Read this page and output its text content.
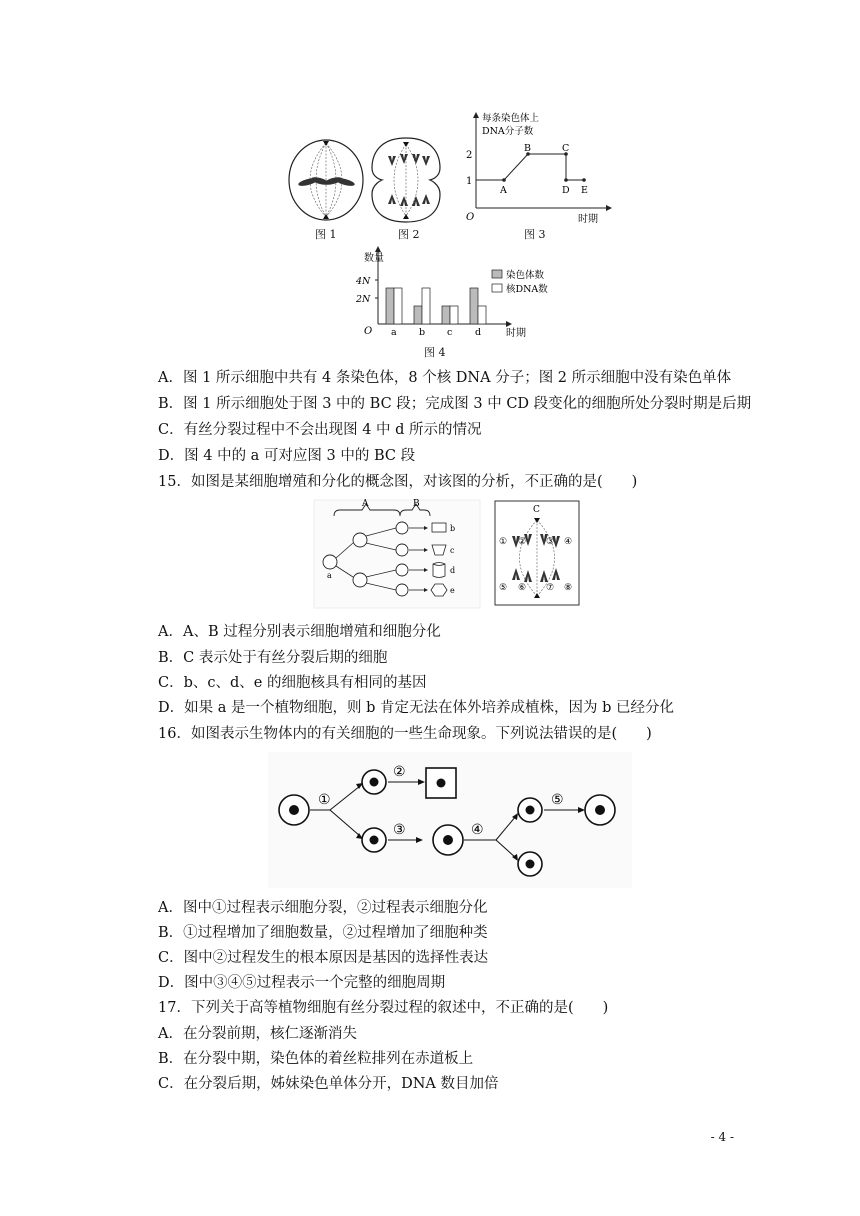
图 1	图 2
O
每条染色体上
DNA分子数
2
1
时期
A
B	C
D E
图 3
O
数量
4N
2N
a b c d 时期
染色体数
核DNA数
图 4
A．图 1 所示细胞中共有 4 条染色体，8 个核 DNA 分子；图 2 所示细胞中没有染色单体
B．图 1 所示细胞处于图 3 中的 BC 段；完成图 3 中 CD 段变化的细胞所处分裂时期是后期
C．有丝分裂过程中不会出现图 4 中 d 所示的情况
D．图 4 中的 a 可对应图 3 中的 BC 段
15．如图是某细胞增殖和分化的概念图，对该图的分析，不正确的是(　　)
A	B
a
b
c
d
e
C
① ② ③ ④
⑤ ⑥ ⑦ ⑧
A．A、B 过程分别表示细胞增殖和细胞分化
B．C 表示处于有丝分裂后期的细胞
C．b、c、d、e 的细胞核具有相同的基因
D．如果 a 是一个植物细胞，则 b 肯定无法在体外培养成植株，因为 b 已经分化
16．如图表示生物体内的有关细胞的一些生命现象。下列说法错误的是(　　)
①
②
③	④
⑤
A．图中①过程表示细胞分裂，②过程表示细胞分化
B．①过程增加了细胞数量，②过程增加了细胞种类
C．图中②过程发生的根本原因是基因的选择性表达
D．图中③④⑤过程表示一个完整的细胞周期
17．下列关于高等植物细胞有丝分裂过程的叙述中，不正确的是(　　)
A．在分裂前期，核仁逐渐消失
B．在分裂中期，染色体的着丝粒排列在赤道板上
C．在分裂后期，姊妹染色单体分开，DNA 数目加倍
- 4 -
